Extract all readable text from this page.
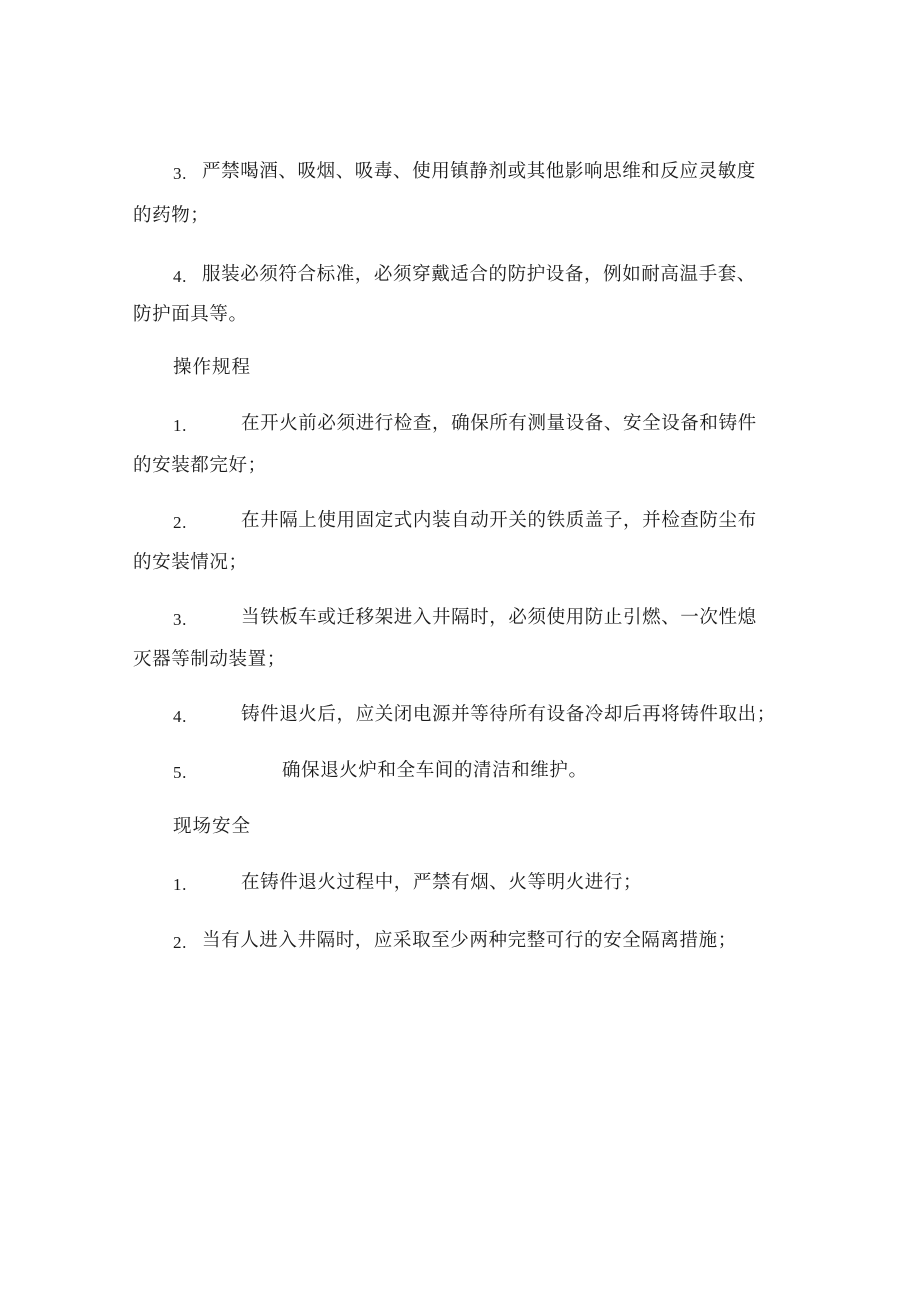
3. 严禁喝酒、吸烟、吸毒、使用镇静剂或其他影响思维和反应灵敏度
的药物；
4. 服装必须符合标准，必须穿戴适合的防护设备，例如耐高温手套、
防护面具等。
操作规程
1.	在开火前必须进行检查，确保所有测量设备、安全设备和铸件
的安装都完好；
2.	在井隔上使用固定式内装自动开关的铁质盖子，并检查防尘布
的安装情况；
3.	当铁板车或迁移架进入井隔时，必须使用防止引燃、一次性熄
灭器等制动装置；
4.	铸件退火后，应关闭电源并等待所有设备冷却后再将铸件取出；
5.	确保退火炉和全车间的清洁和维护。
现场安全
1.	在铸件退火过程中，严禁有烟、火等明火进行；
2. 当有人进入井隔时，应采取至少两种完整可行的安全隔离措施；
